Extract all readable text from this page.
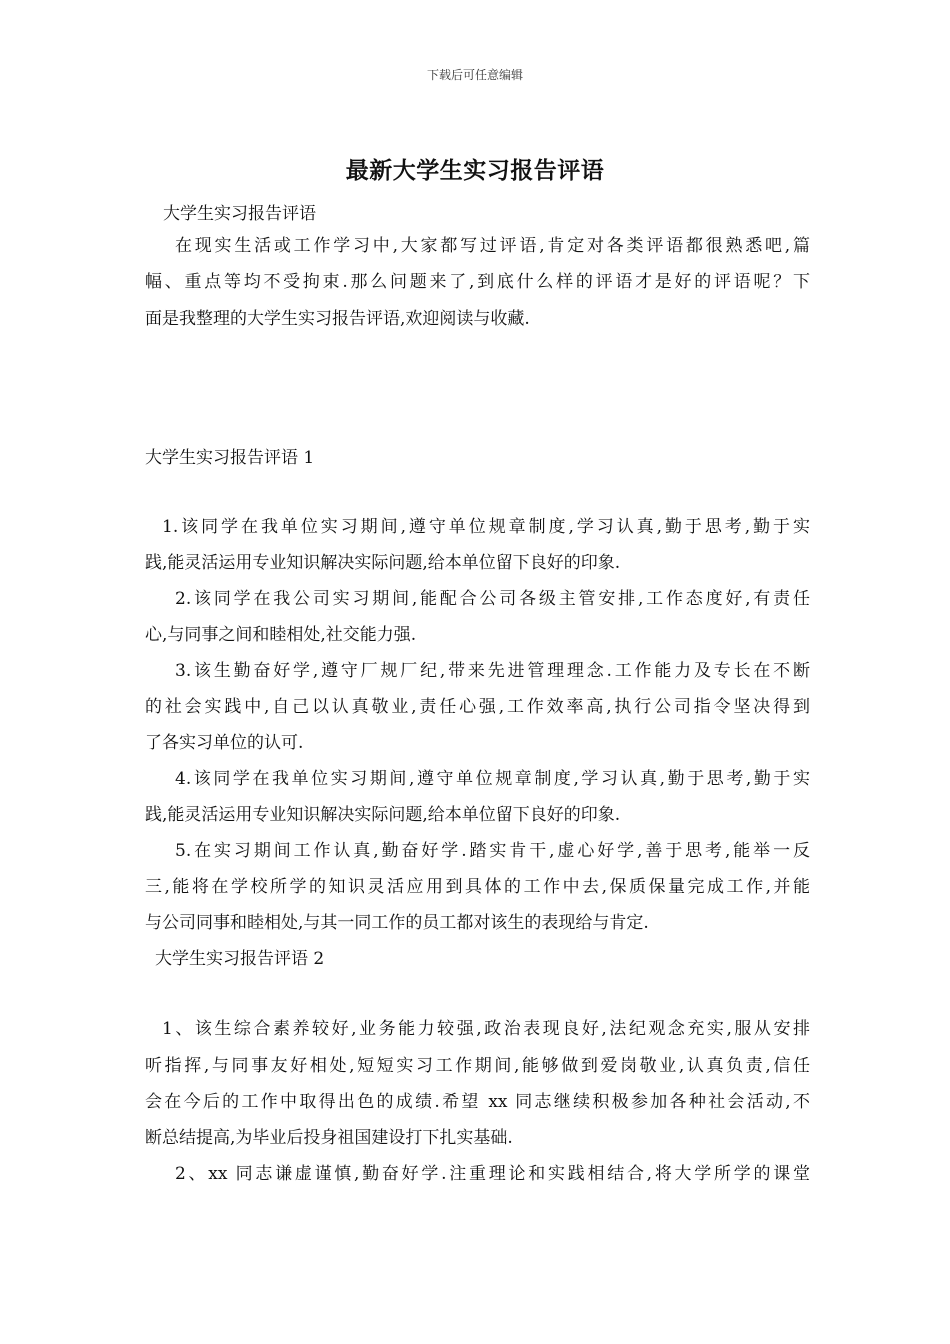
下载后可任意编辑
最新大学生实习报告评语
大学生实习报告评语
在现实生活或工作学习中,大家都写过评语,肯定对各类评语都很熟悉吧,篇
幅、重点等均不受拘束.那么问题来了,到底什么样的评语才是好的评语呢？下
面是我整理的大学生实习报告评语,欢迎阅读与收藏.
大学生实习报告评语 1
1.该同学在我单位实习期间,遵守单位规章制度,学习认真,勤于思考,勤于实
践,能灵活运用专业知识解决实际问题,给本单位留下良好的印象.
2.该同学在我公司实习期间,能配合公司各级主管安排,工作态度好,有责任
心,与同事之间和睦相处,社交能力强.
3.该生勤奋好学,遵守厂规厂纪,带来先进管理理念.工作能力及专长在不断
的社会实践中,自己以认真敬业,责任心强,工作效率高,执行公司指令坚决得到
了各实习单位的认可.
4.该同学在我单位实习期间,遵守单位规章制度,学习认真,勤于思考,勤于实
践,能灵活运用专业知识解决实际问题,给本单位留下良好的印象.
5.在实习期间工作认真,勤奋好学.踏实肯干,虚心好学,善于思考,能举一反
三,能将在学校所学的知识灵活应用到具体的工作中去,保质保量完成工作,并能
与公司同事和睦相处,与其一同工作的员工都对该生的表现给与肯定.
大学生实习报告评语 2
1、该生综合素养较好,业务能力较强,政治表现良好,法纪观念充实,服从安排
听指挥,与同事友好相处,短短实习工作期间,能够做到爱岗敬业,认真负责,信任
会在今后的工作中取得出色的成绩.希望 xx 同志继续积极参加各种社会活动,不
断总结提高,为毕业后投身祖国建设打下扎实基础.
2、xx 同志谦虚谨慎,勤奋好学.注重理论和实践相结合,将大学所学的课堂
